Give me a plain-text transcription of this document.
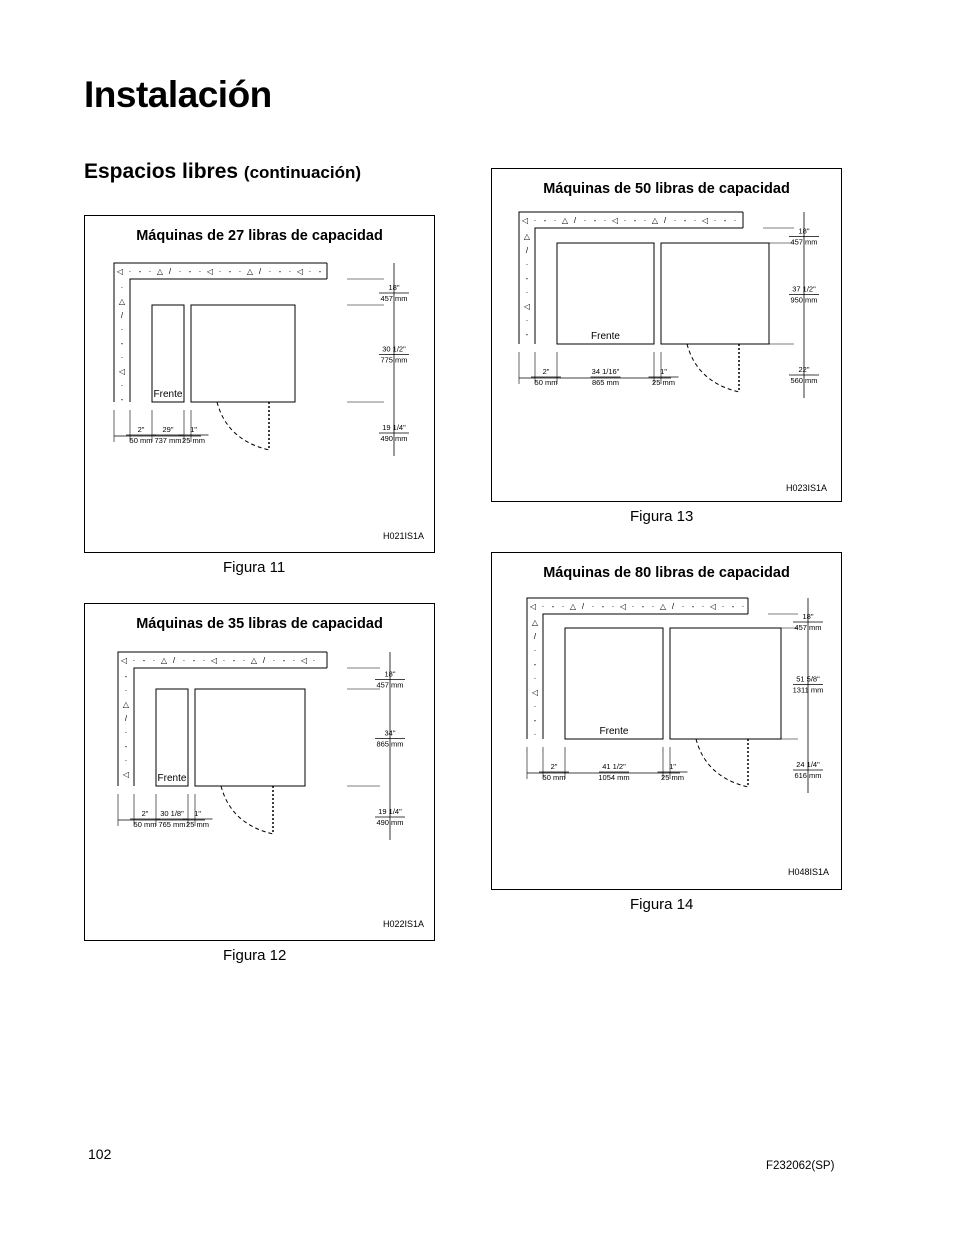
Instalación
Espacios libres (continuación)
Máquinas de 27 libras de capacidad
◁ · - · △ / · - · ◁ · - · △ / · - · ◁ · -
·
△
/
·
-
·
◁
·
-	Frente
18"
457 mm
30 1/2"
775 mm
19 1/4"
490 mm
2"
50 mm
29"
737 mm
1"
25 mm
H021IS1A
Figura 11
Máquinas de 35 libras de capacidad
◁ · - · △ / · - · ◁ · - · △ / · - · ◁ ·
-
·
△
/
·
-
·
◁	Frente
18"
457 mm
34"
865 mm
19 1/4"
490 mm
2"
50 mm
30 1/8"
765 mm
1"
25 mm
H022IS1A
Figura 12
Máquinas de 50 libras de capacidad
◁ · - · △ / · - · ◁ · - · △ / · - · ◁ · - ·
△
/
·
-
·
◁
·
-	Frente
18"
457 mm
37 1/2"
950 mm
22"
560 mm
2"
50 mm
34 1/16"
865 mm
1"
25 mm
H023IS1A
Figura 13
Máquinas de 80 libras de capacidad
◁ · - · △ / · - · ◁ · - · △ / · - · ◁ · - ·
△
/
·
-
·
◁
·
-
·	Frente
18"
457 mm
51 5/8"
1311 mm
24 1/4"
616 mm
2"
50 mm
41 1/2"
1054 mm
1"
25 mm
H048IS1A
Figura 14
102
F232062(SP)
